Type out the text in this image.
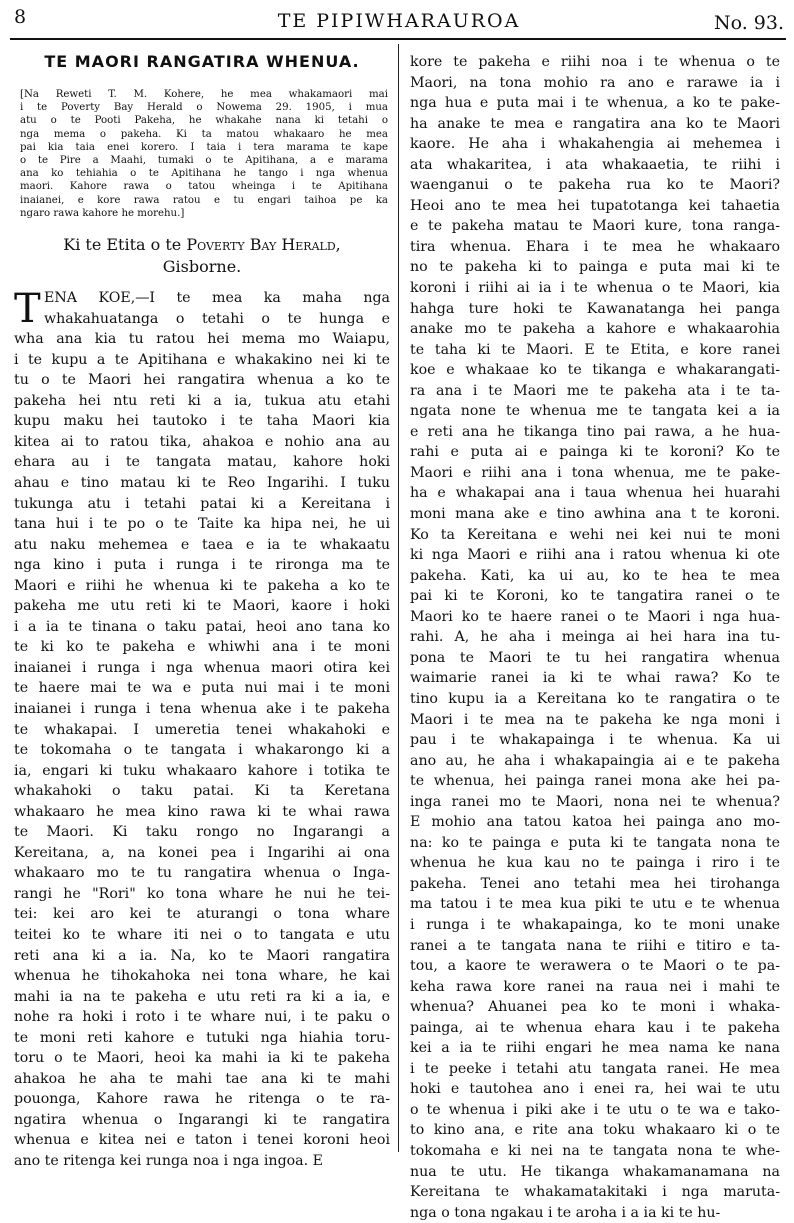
8	TE PIPIWHARAUROA	No. 93.
TE MAORI RANGATIRA WHENUA.
[Na Reweti T. M. Kohere, he mea whakamaori mai
i te Poverty Bay Herald o Nowema 29. 1905, i mua
atu o te Pooti Pakeha, he whakahe nana ki tetahi o
nga mema o pakeha. Ki ta matou whakaaro he mea
pai kia taia enei korero. I taia i tera marama te kape
o te Pire a Maahi, tumaki o te Apitihana, a e marama
ana ko tehiahia o te Apitihana he tango i nga whenua
maori. Kahore rawa o tatou wheinga i te Apitihana
inaianei, e kore rawa ratou e tu engari taihoa pe ka
ngaro rawa kahore he morehu.]
Ki te Etita o te Poverty Bay Herald,
Gisborne.
T ENA KOE,—I te mea ka maha nga
whakahuatanga o tetahi o te hunga e
wha ana kia tu ratou hei mema mo Waiapu,
i te kupu a te Apitihana e whakakino nei ki te
tu o te Maori hei rangatira whenua a ko te
pakeha hei ntu reti ki a ia, tukua atu etahi
kupu maku hei tautoko i te taha Maori kia
kitea ai to ratou tika, ahakoa e nohio ana au
ehara au i te tangata matau, kahore hoki
ahau e tino matau ki te Reo Ingarihi. I tuku
tukunga atu i tetahi patai ki a Kereitana i
tana hui i te po o te Taite ka hipa nei, he ui
atu naku mehemea e taea e ia te whakaatu
nga kino i puta i runga i te rironga ma te
Maori e riihi he whenua ki te pakeha a ko te
pakeha me utu reti ki te Maori, kaore i hoki
i a ia te tinana o taku patai, heoi ano tana ko
te ki ko te pakeha e whiwhi ana i te moni
inaianei i runga i nga whenua maori otira kei
te haere mai te wa e puta nui mai i te moni
inaianei i runga i tena whenua ake i te pakeha
te whakapai. I umeretia tenei whakahoki e
te tokomaha o te tangata i whakarongo ki a
ia, engari ki tuku whakaaro kahore i totika te
whakahoki o taku patai. Ki ta Keretana
whakaaro he mea kino rawa ki te whai rawa
te Maori. Ki taku rongo no Ingarangi a
Kereitana, a, na konei pea i Ingarihi ai ona
whakaaro mo te tu rangatira whenua o Inga-
rangi he "Rori" ko tona whare he nui he tei-
tei: kei aro kei te aturangi o tona whare
teitei ko te whare iti nei o to tangata e utu
reti ana ki a ia. Na, ko te Maori rangatira
whenua he tihokahoka nei tona whare, he kai
mahi ia na te pakeha e utu reti ra ki a ia, e
nohe ra hoki i roto i te whare nui, i te paku o
te moni reti kahore e tutuki nga hiahia toru-
toru o te Maori, heoi ka mahi ia ki te pakeha
ahakoa he aha te mahi tae ana ki te mahi
pouonga, Kahore rawa he ritenga o te ra-
ngatira whenua o Ingarangi ki te rangatira
whenua e kitea nei e taton i tenei koroni heoi
ano te ritenga kei runga noa i nga ingoa. E
kore te pakeha e riihi noa i te whenua o te
Maori, na tona mohio ra ano e rarawe ia i
nga hua e puta mai i te whenua, a ko te pake-
ha anake te mea e rangatira ana ko te Maori
kaore. He aha i whakahengia ai mehemea i
ata whakaritea, i ata whakaaetia, te riihi i
waenganui o te pakeha rua ko te Maori?
Heoi ano te mea hei tupatotanga kei tahaetia
e te pakeha matau te Maori kure, tona ranga-
tira whenua. Ehara i te mea he whakaaro
no te pakeha ki to painga e puta mai ki te
koroni i riihi ai ia i te whenua o te Maori, kia
hahga ture hoki te Kawanatanga hei panga
anake mo te pakeha a kahore e whakaarohia
te taha ki te Maori. E te Etita, e kore ranei
koe e whakaae ko te tikanga e whakarangati-
ra ana i te Maori me te pakeha ata i te ta-
ngata none te whenua me te tangata kei a ia
e reti ana he tikanga tino pai rawa, a he hua-
rahi e puta ai e painga ki te koroni? Ko te
Maori e riihi ana i tona whenua, me te pake-
ha e whakapai ana i taua whenua hei huarahi
moni mana ake e tino awhina ana t te koroni.
Ko ta Kereitana e wehi nei kei nui te moni
ki nga Maori e riihi ana i ratou whenua ki ote
pakeha. Kati, ka ui au, ko te hea te mea
pai ki te Koroni, ko te tangatira ranei o te
Maori ko te haere ranei o te Maori i nga hua-
rahi. A, he aha i meinga ai hei hara ina tu-
pona te Maori te tu hei rangatira whenua
waimarie ranei ia ki te whai rawa? Ko te
tino kupu ia a Kereitana ko te rangatira o te
Maori i te mea na te pakeha ke nga moni i
pau i te whakapainga i te whenua. Ka ui
ano au, he aha i whakapaingia ai e te pakeha
te whenua, hei painga ranei mona ake hei pa-
inga ranei mo te Maori, nona nei te whenua?
E mohio ana tatou katoa hei painga ano mo-
na: ko te painga e puta ki te tangata nona te
whenua he kua kau no te painga i riro i te
pakeha. Tenei ano tetahi mea hei tirohanga
ma tatou i te mea kua piki te utu e te whenua
i runga i te whakapainga, ko te moni unake
ranei a te tangata nana te riihi e titiro e ta-
tou, a kaore te werawera o te Maori o te pa-
keha rawa kore ranei na raua nei i mahi te
whenua? Ahuanei pea ko te moni i whaka-
painga, ai te whenua ehara kau i te pakeha
kei a ia te riihi engari he mea nama ke nana
i te peeke i tetahi atu tangata ranei. He mea
hoki e tautohea ano i enei ra, hei wai te utu
o te whenua i piki ake i te utu o te wa e tako-
to kino ana, e rite ana toku whakaaro ki o te
tokomaha e ki nei na te tangata nona te whe-
nua te utu. He tikanga whakamanamana na
Kereitana te whakamatakitaki i nga maruta-
nga o tona ngakau i te aroha i a ia ki te hu-
